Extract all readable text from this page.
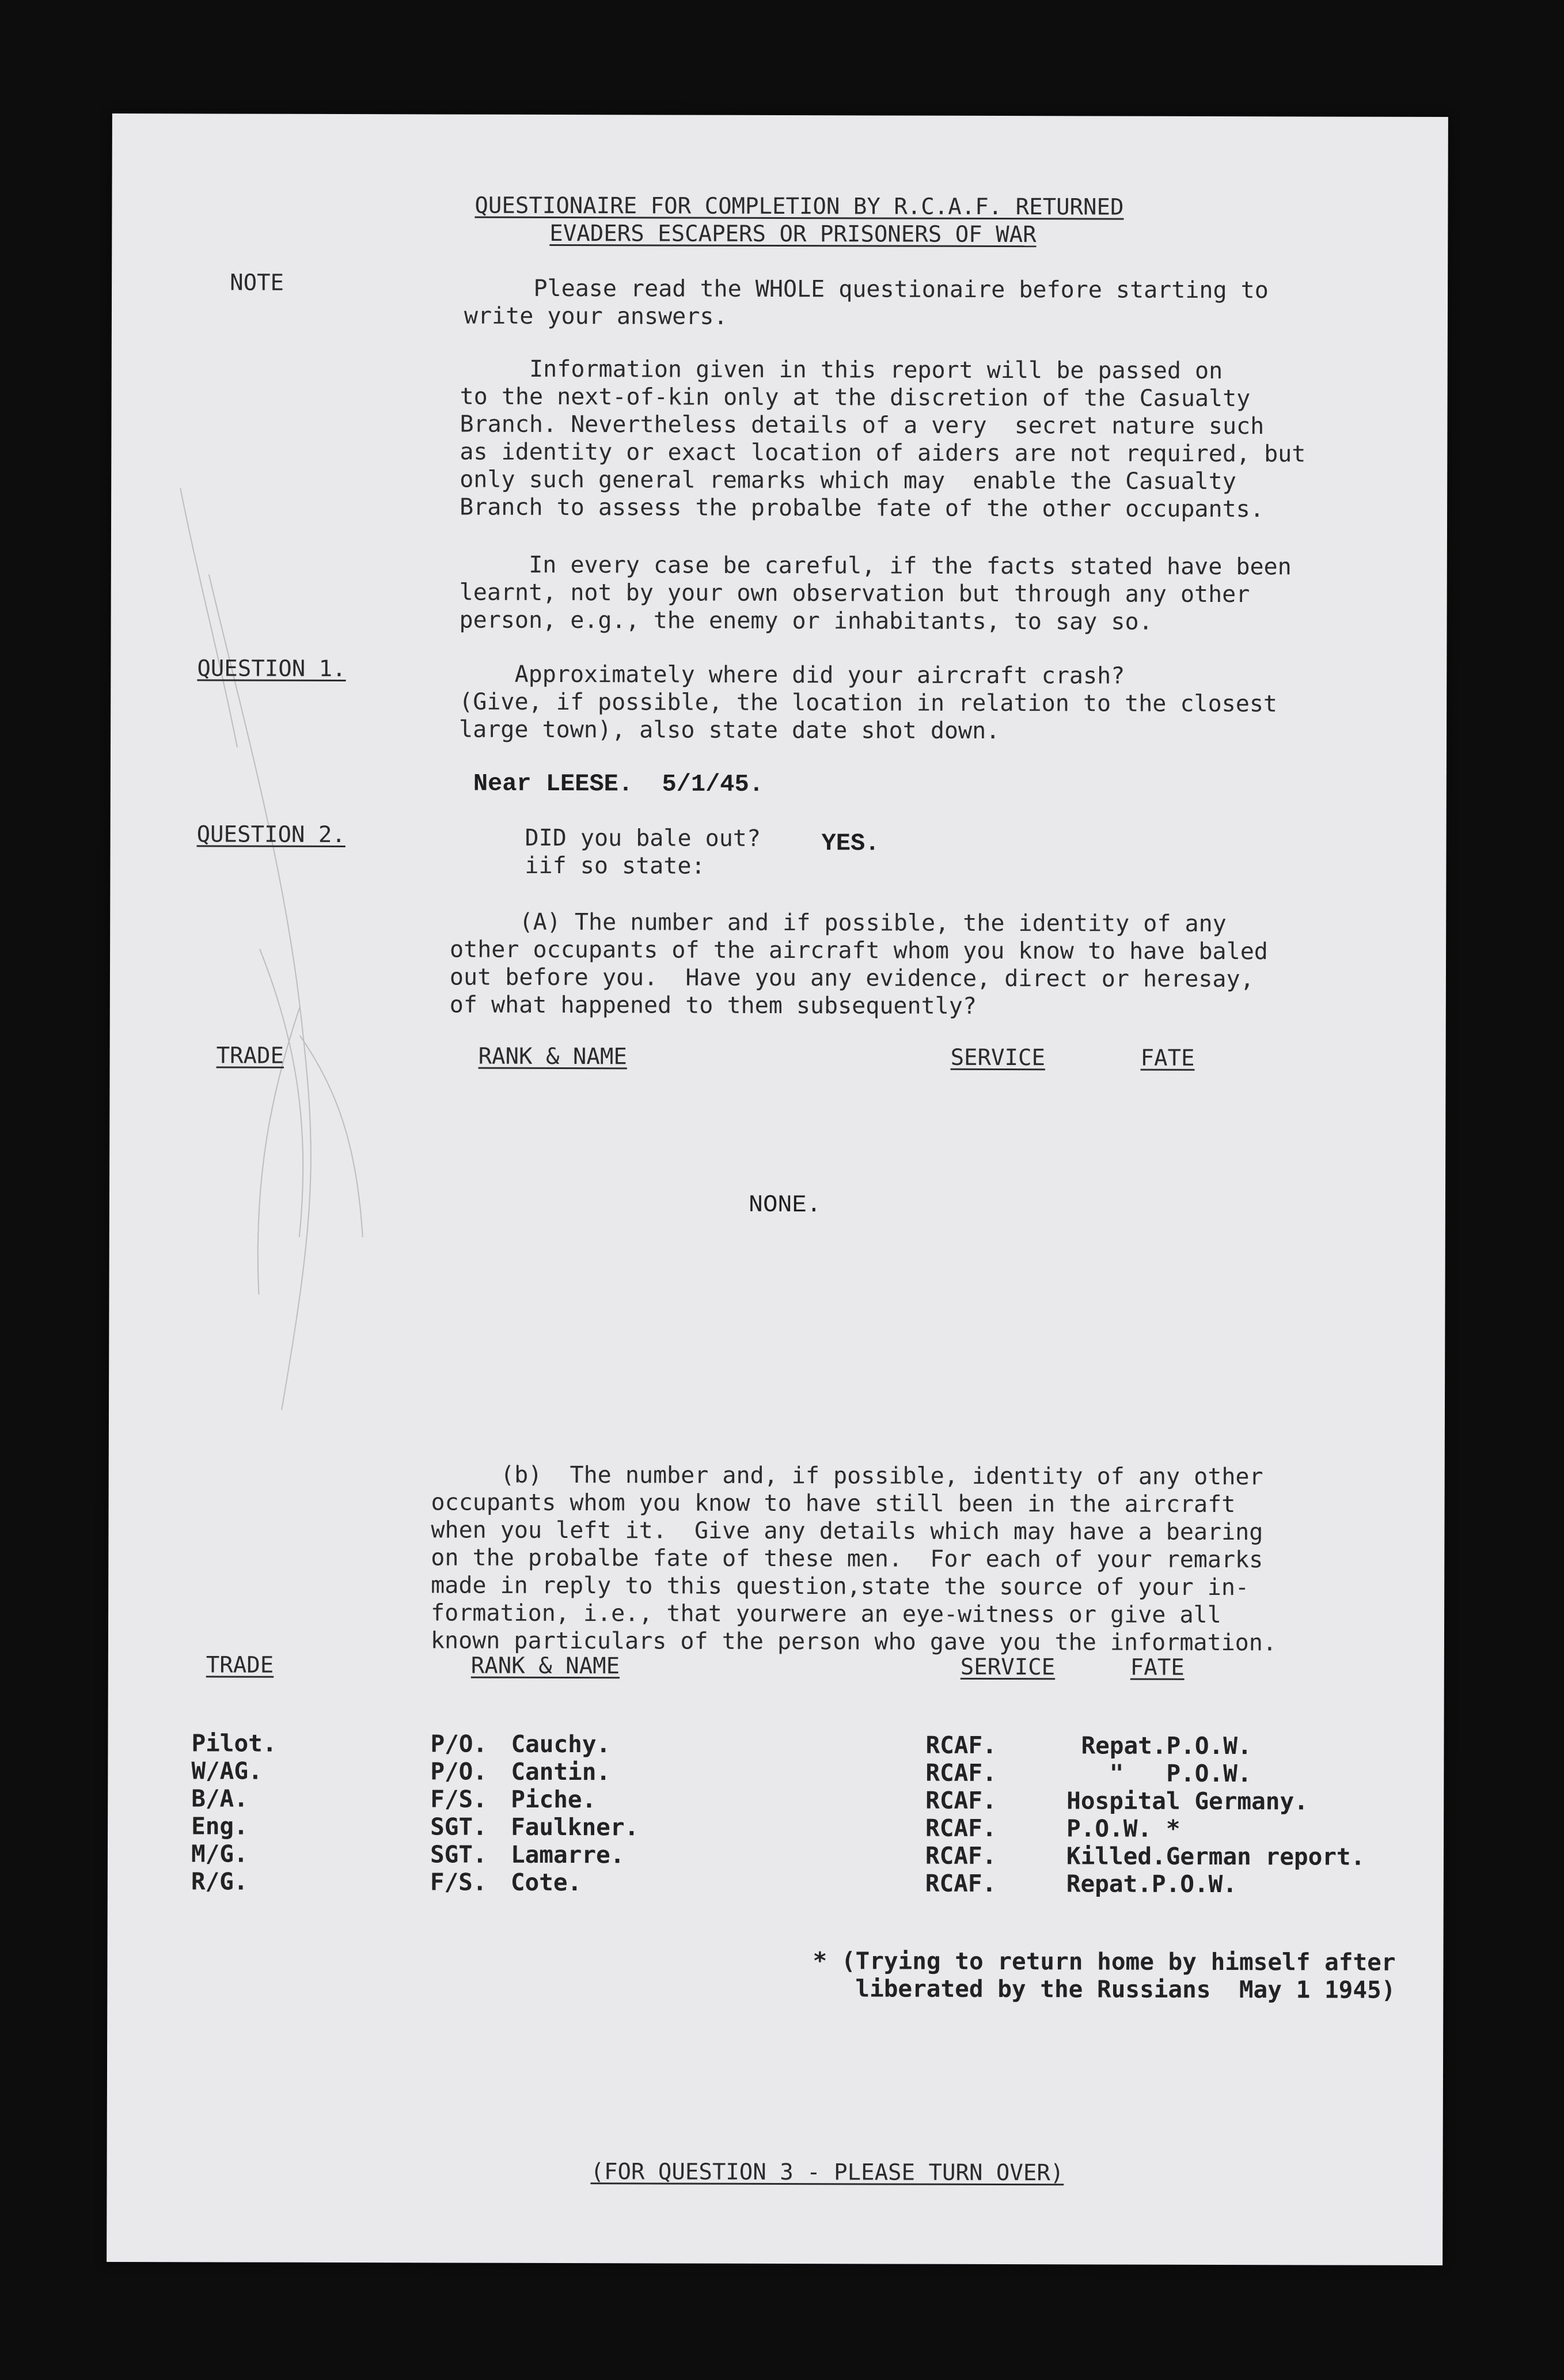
QUESTIONAIRE FOR COMPLETION BY R.C.A.F. RETURNED
EVADERS ESCAPERS OR PRISONERS OF WAR
NOTE	Please read the WHOLE questionaire before starting to
write your answers.
Information given in this report will be passed on
to the next-of-kin only at the discretion of the Casualty
Branch. Nevertheless details of a very  secret nature such
as identity or exact location of aiders are not required, but
only such general remarks which may  enable the Casualty
Branch to assess the probalbe fate of the other occupants.
In every case be careful, if the facts stated have been
learnt, not by your own observation but through any other
person, e.g., the enemy or inhabitants, to say so.
QUESTION 1.	Approximately where did your aircraft crash?
(Give, if possible, the location in relation to the closest
large town), also state date shot down.
Near LEESE.  5/1/45.
QUESTION 2.	DID you bale out?
iif so state:
YES.
(A) The number and if possible, the identity of any
other occupants of the aircraft whom you know to have baled
out before you.  Have you any evidence, direct or heresay,
of what happened to them subsequently?
TRADE	RANK & NAME	SERVICE	FATE
NONE.
(b)  The number and, if possible, identity of any other
occupants whom you know to have still been in the aircraft
when you left it.  Give any details which may have a bearing
on the probalbe fate of these men.  For each of your remarks
made in reply to this question,state the source of your in-
formation, i.e., that yourwere an eye-witness or give all
known particulars of the person who gave you the information.
TRADE	RANK & NAME	SERVICE	FATE
Pilot.	P/O. Cauchy.	RCAF.	Repat.P.O.W.
W/AG.	P/O. Cantin.	RCAF.	"   P.O.W.
B/A.	F/S. Piche.	RCAF.	Hospital Germany.
Eng.	SGT. Faulkner.	RCAF.	P.O.W. *
M/G.	SGT. Lamarre.	RCAF.	Killed.German report.
R/G.	F/S. Cote.	RCAF.	Repat.P.O.W.
* (Trying to return home by himself after
liberated by the Russians  May 1 1945)
(FOR QUESTION 3 - PLEASE TURN OVER)
